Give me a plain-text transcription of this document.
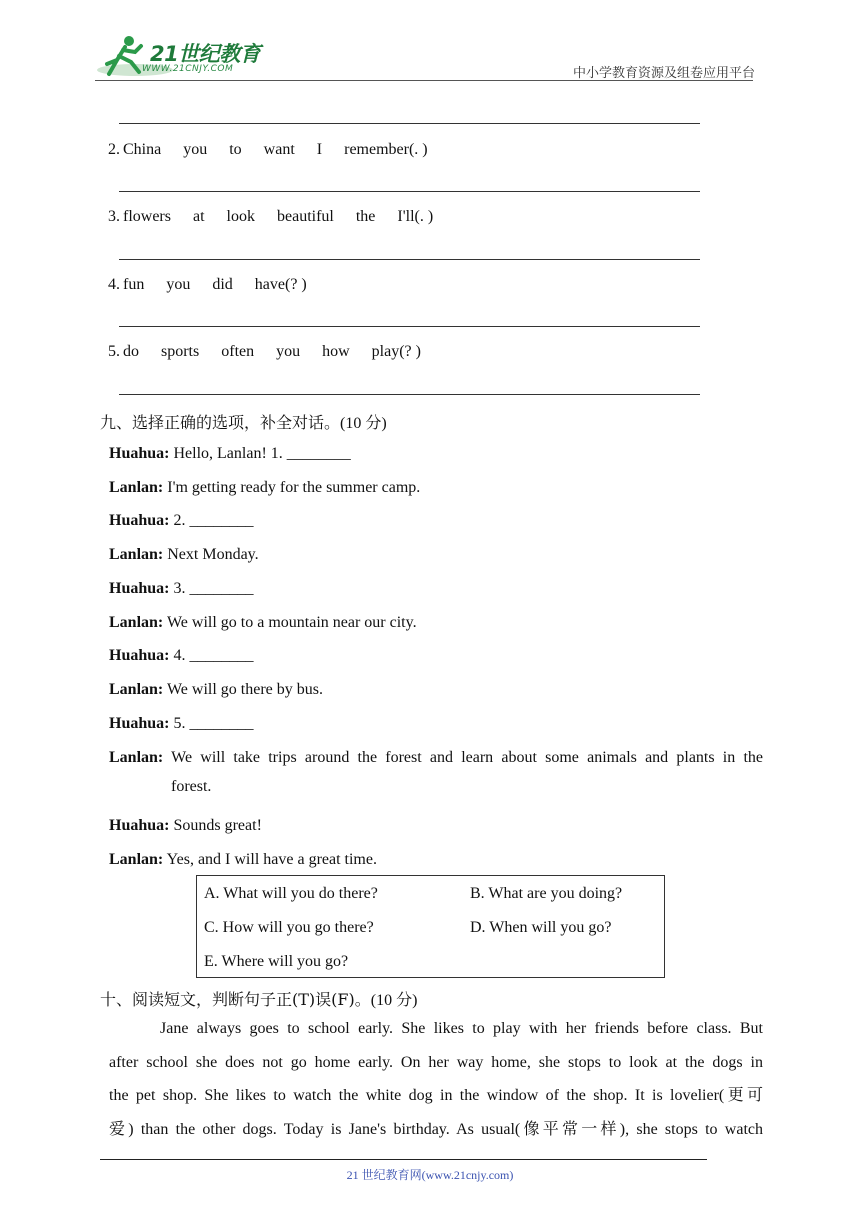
21世纪教育
WWW.21CNJY.COM	中小学教育资源及组卷应用平台
2. China you to want I remember(. )
3. flowers at look beautiful the I'll(. )
4. fun you did have(? )
5. do sports often you how play(? )
九、选择正确的选项，补全对话。(10 分)
Huahua: Hello, Lanlan! 1. ________
Lanlan: I'm getting ready for the summer camp.
Huahua: 2. ________
Lanlan: Next Monday.
Huahua: 3. ________
Lanlan: We will go to a mountain near our city.
Huahua: 4. ________
Lanlan: We will go there by bus.
Huahua: 5. ________
Lanlan: We will take trips around the forest and learn about some animals and plants in the
forest.
Huahua: Sounds great!
Lanlan: Yes, and I will have a great time.
A. What will you do there?	B. What are you doing?
C. How will you go there?	D. When will you go?
E. Where will you go?
十、阅读短文，判断句子正(T)误(F)。(10 分)
Jane always goes to school early. She likes to play with her friends before class. But
after school she does not go home early. On her way home, she stops to look at the dogs in
the pet shop. She likes to watch the white dog in the window of the shop. It is lovelier(更可
爱) than the other dogs. Today is Jane's birthday. As usual(像平常一样), she stops to watch
21 世纪教育网(www.21cnjy.com)
